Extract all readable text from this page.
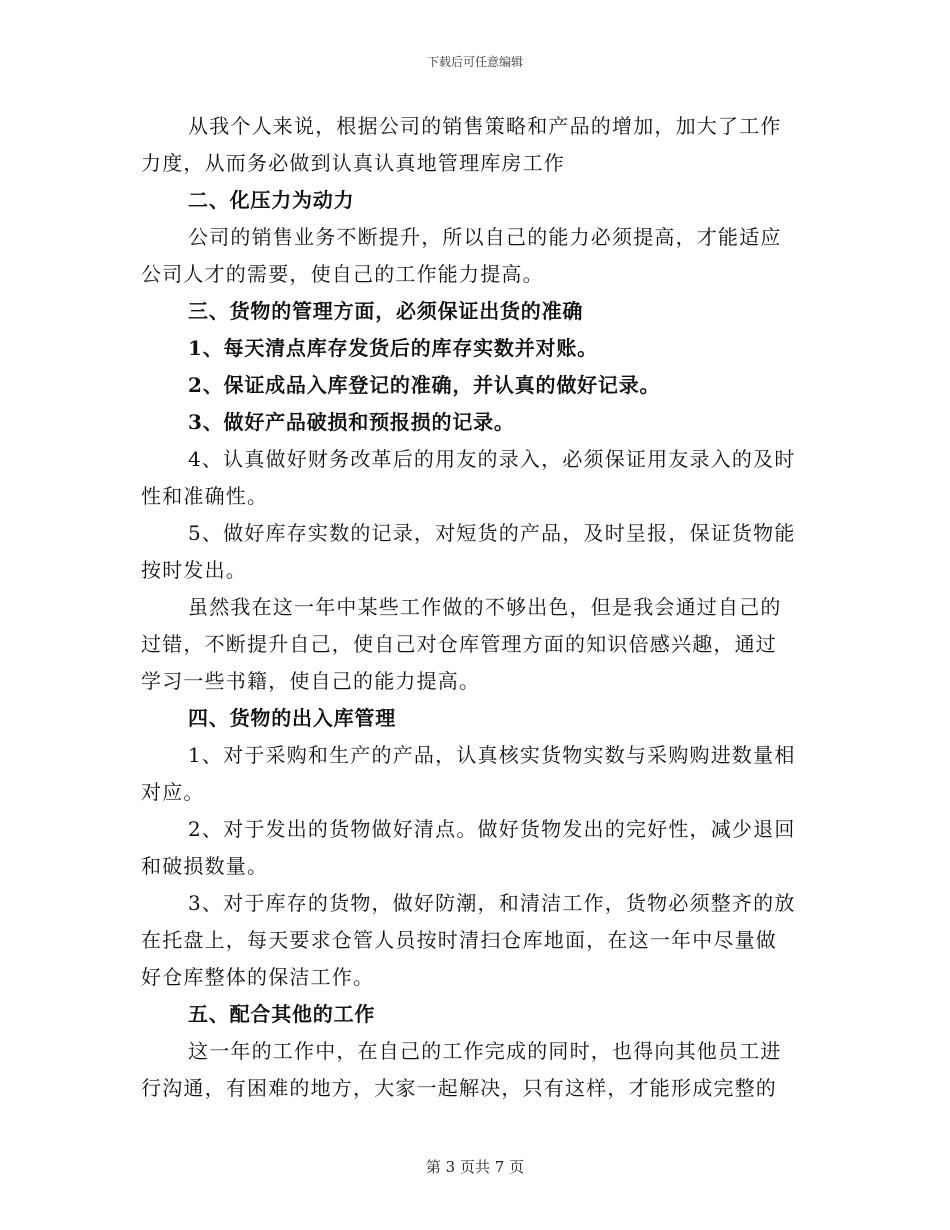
下载后可任意编辑
从我个人来说，根据公司的销售策略和产品的增加，加大了工作
力度，从而务必做到认真认真地管理库房工作
二、化压力为动力
公司的销售业务不断提升，所以自己的能力必须提高，才能适应
公司人才的需要，使自己的工作能力提高。
三、货物的管理方面，必须保证出货的准确
1、每天清点库存发货后的库存实数并对账。
2、保证成品入库登记的准确，并认真的做好记录。
3、做好产品破损和预报损的记录。
4、认真做好财务改革后的用友的录入，必须保证用友录入的及时
性和准确性。
5、做好库存实数的记录，对短货的产品，及时呈报，保证货物能
按时发出。
虽然我在这一年中某些工作做的不够出色，但是我会通过自己的
过错，不断提升自己，使自己对仓库管理方面的知识倍感兴趣，通过
学习一些书籍，使自己的能力提高。
四、货物的出入库管理
1、对于采购和生产的产品，认真核实货物实数与采购购进数量相
对应。
2、对于发出的货物做好清点。做好货物发出的完好性，减少退回
和破损数量。
3、对于库存的货物，做好防潮，和清洁工作，货物必须整齐的放
在托盘上，每天要求仓管人员按时清扫仓库地面，在这一年中尽量做
好仓库整体的保洁工作。
五、配合其他的工作
这一年的工作中，在自己的工作完成的同时，也得向其他员工进
行沟通，有困难的地方，大家一起解决，只有这样，才能形成完整的
第 3 页共 7 页
